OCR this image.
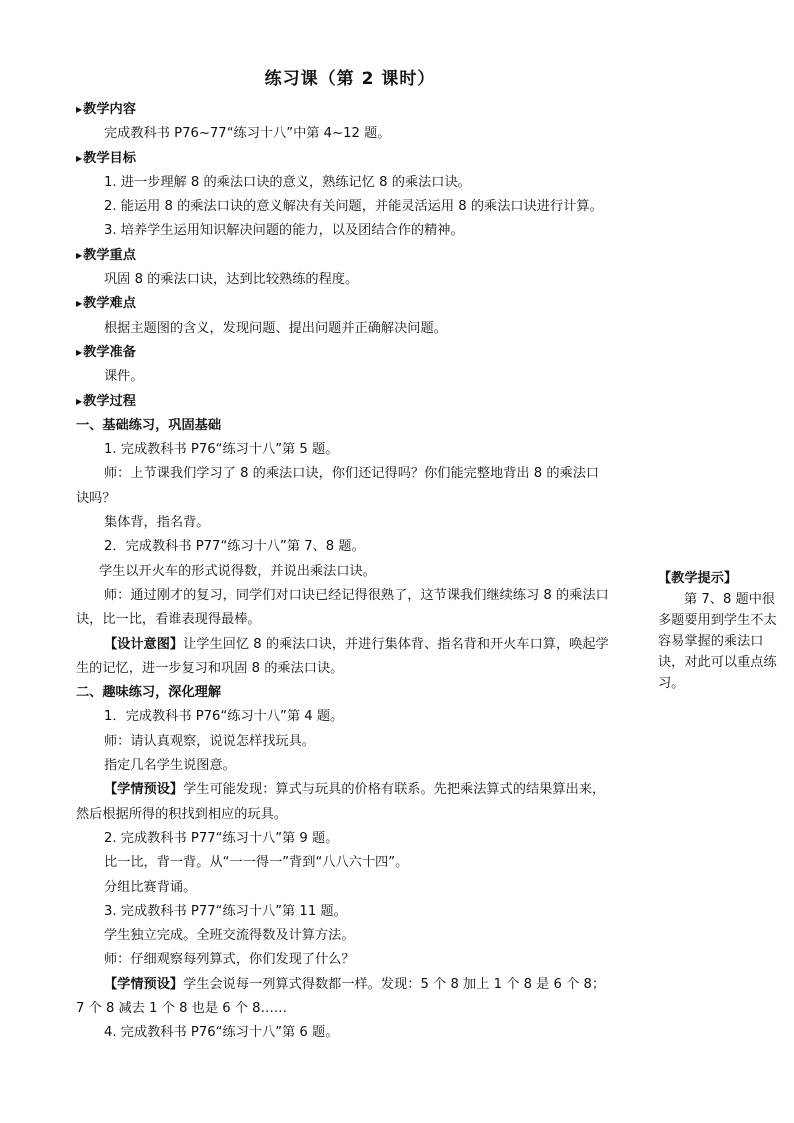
练习课（第 2 课时）

▶教学内容

完成教科书 P76~77“练习十八”中第 4~12 题。

▶教学目标

1. 进一步理解 8 的乘法口诀的意义，熟练记忆 8 的乘法口诀。

2. 能运用 8 的乘法口诀的意义解决有关问题，并能灵活运用 8 的乘法口诀进行计算。

3. 培养学生运用知识解决问题的能力，以及团结合作的精神。

▶教学重点

巩固 8 的乘法口诀，达到比较熟练的程度。

▶教学难点

根据主题图的含义，发现问题、提出问题并正确解决问题。

▶教学准备

课件。

▶教学过程

一、基础练习，巩固基础

1. 完成教科书 P76“练习十八”第 5 题。

师：上节课我们学习了 8 的乘法口诀，你们还记得吗？你们能完整地背出 8 的乘法口诀吗？

集体背，指名背。

2．完成教科书 P77“练习十八”第 7、8 题。

学生以开火车的形式说得数，并说出乘法口诀。

师：通过刚才的复习，同学们对口诀已经记得很熟了，这节课我们继续练习 8 的乘法口诀，比一比，看谁表现得最棒。

【设计意图】让学生回忆 8 的乘法口诀，并进行集体背、指名背和开火车口算，唤起学生的记忆，进一步复习和巩固 8 的乘法口诀。

二、趣味练习，深化理解

1．完成教科书 P76“练习十八”第 4 题。

师：请认真观察，说说怎样找玩具。

指定几名学生说图意。

【学情预设】学生可能发现：算式与玩具的价格有联系。先把乘法算式的结果算出来，然后根据所得的积找到相应的玩具。

2. 完成教科书 P77“练习十八”第 9 题。

比一比，背一背。从“一一得一”背到“八八六十四”。

分组比赛背诵。

3. 完成教科书 P77“练习十八”第 11 题。

学生独立完成。全班交流得数及计算方法。

师：仔细观察每列算式，你们发现了什么？

【学情预设】学生会说每一列算式得数都一样。发现：5 个 8 加上 1 个 8 是 6 个 8；7 个 8 减去 1 个 8 也是 6 个 8……

4. 完成教科书 P76“练习十八”第 6 题。

【教学提示】
第 7、8 题中很多题要用到学生不太容易掌握的乘法口诀，对此可以重点练习。
